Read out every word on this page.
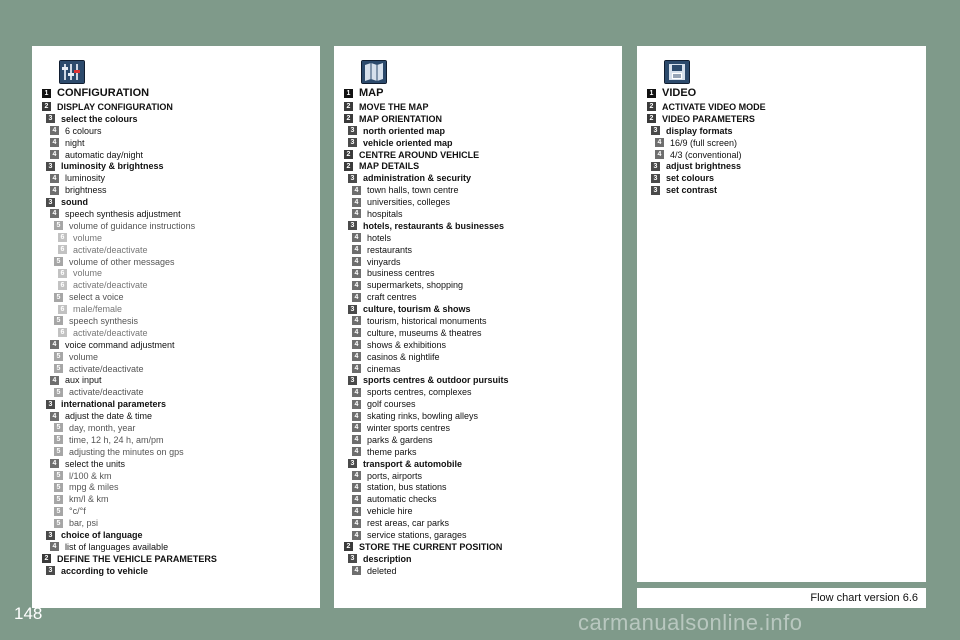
1 CONFIGURATION
2 DISPLAY CONFIGURATION
3 select the colours
4 6 colours
4 night
4 automatic day/night
3 luminosity & brightness
4 luminosity
4 brightness
3 sound
4 speech synthesis adjustment
5 volume of guidance instructions
6 volume
6 activate/deactivate
5 volume of other messages
6 volume
6 activate/deactivate
5 select a voice
6 male/female
5 speech synthesis
6 activate/deactivate
4 voice command adjustment
5 volume
5 activate/deactivate
4 aux input
5 activate/deactivate
3 international parameters
4 adjust the date & time
5 day, month, year
5 time, 12 h, 24 h, am/pm
5 adjusting the minutes on gps
4 select the units
5 l/100 & km
5 mpg & miles
5 km/l & km
5 °c/°f
5 bar, psi
3 choice of language
4 list of languages available
2 DEFINE THE VEHICLE PARAMETERS
3 according to vehicle
1 MAP
2 MOVE THE MAP
2 MAP ORIENTATION
3 north oriented map
3 vehicle oriented map
2 CENTRE AROUND VEHICLE
2 MAP DETAILS
3 administration & security
4 town halls, town centre
4 universities, colleges
4 hospitals
3 hotels, restaurants & businesses
4 hotels
4 restaurants
4 vinyards
4 business centres
4 supermarkets, shopping
4 craft centres
3 culture, tourism & shows
4 tourism, historical monuments
4 culture, museums & theatres
4 shows & exhibitions
4 casinos & nightlife
4 cinemas
3 sports centres & outdoor pursuits
4 sports centres, complexes
4 golf courses
4 skating rinks, bowling alleys
4 winter sports centres
4 parks & gardens
4 theme parks
3 transport & automobile
4 ports, airports
4 station, bus stations
4 automatic checks
4 vehicle hire
4 rest areas, car parks
4 service stations, garages
2 STORE THE CURRENT POSITION
3 description
4 deleted
1 VIDEO
2 ACTIVATE VIDEO MODE
2 VIDEO PARAMETERS
3 display formats
4 16/9 (full screen)
4 4/3 (conventional)
3 adjust brightness
3 set colours
3 set contrast
Flow chart version 6.6
148	carmanualsonline.info
